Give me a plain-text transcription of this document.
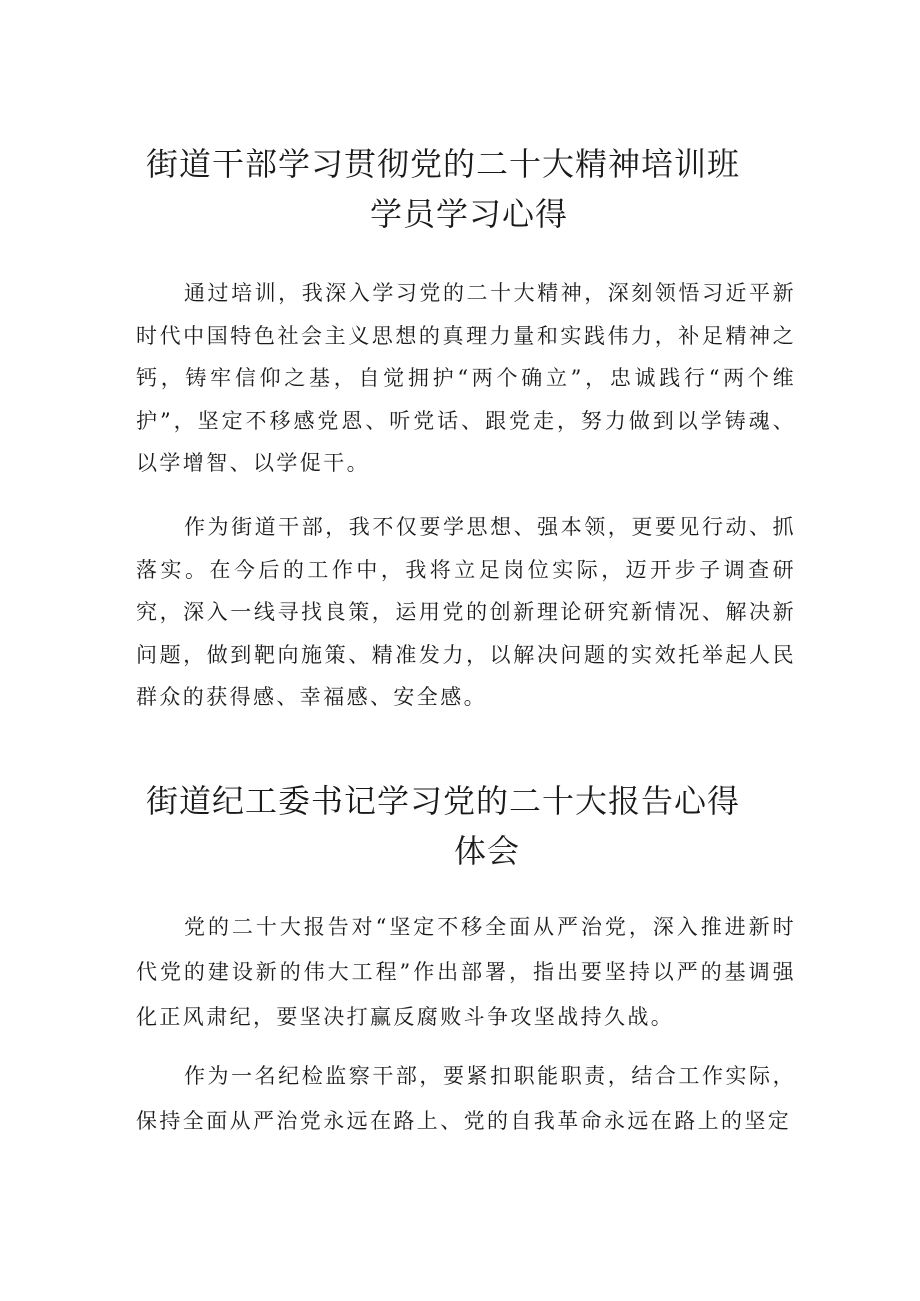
街道干部学习贯彻党的二十大精神培训班
学员学习心得

通过培训，我深入学习党的二十大精神，深刻领悟习近平新时代中国特色社会主义思想的真理力量和实践伟力，补足精神之钙，铸牢信仰之基，自觉拥护“两个确立”，忠诚践行“两个维护”，坚定不移感党恩、听党话、跟党走，努力做到以学铸魂、以学增智、以学促干。

作为街道干部，我不仅要学思想、强本领，更要见行动、抓落实。在今后的工作中，我将立足岗位实际，迈开步子调查研究，深入一线寻找良策，运用党的创新理论研究新情况、解决新问题，做到靶向施策、精准发力，以解决问题的实效托举起人民群众的获得感、幸福感、安全感。

街道纪工委书记学习党的二十大报告心得
体会

党的二十大报告对“坚定不移全面从严治党，深入推进新时代党的建设新的伟大工程”作出部署，指出要坚持以严的基调强化正风肃纪，要坚决打赢反腐败斗争攻坚战持久战。

作为一名纪检监察干部，要紧扣职能职责，结合工作实际，保持全面从严治党永远在路上、党的自我革命永远在路上的坚定
